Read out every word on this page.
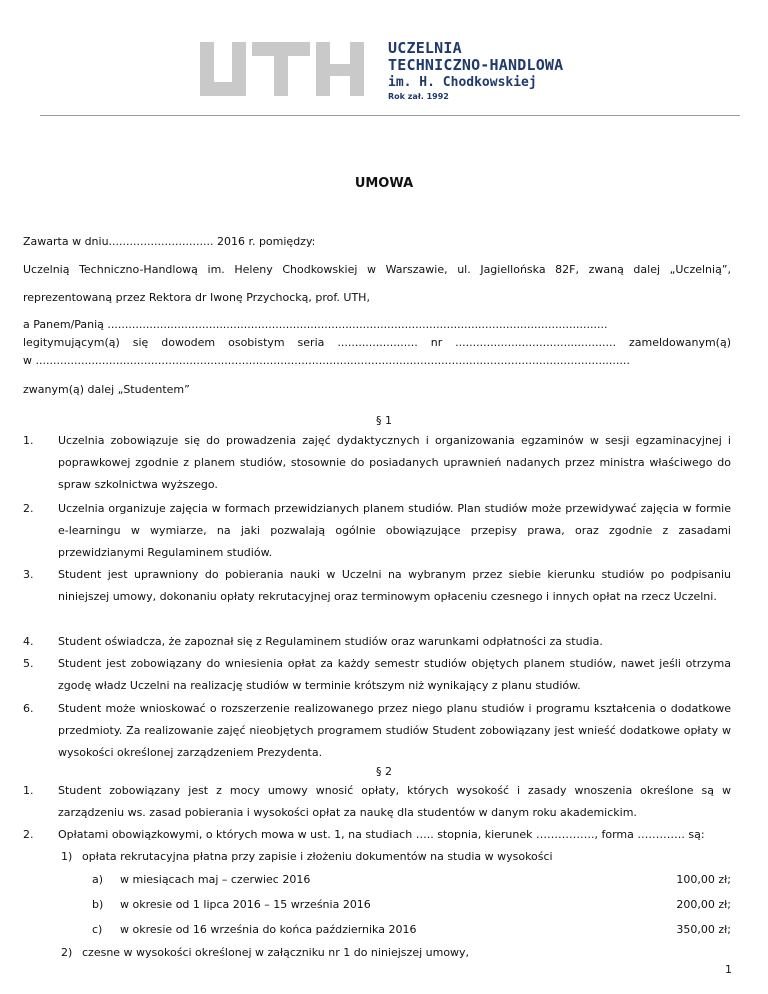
UCZELNIA
TECHNICZNO-HANDLOWA
im. H. Chodkowskiej
Rok zał. 1992
UMOWA
Zawarta w dniu.............................. 2016 r. pomiędzy:
Uczelnią Techniczno-Handlową im. Heleny Chodkowskiej w Warszawie, ul. Jagiellońska 82F, zwaną dalej „Uczelnią”,
reprezentowaną przez Rektora dr Iwonę Przychocką, prof. UTH,
a Panem/Panią ...............................................................................................................................................
legitymującym(ą) się dowodem osobistym seria ....................... nr .............................................. zameldowanym(ą)
w ..........................................................................................................................................................................
zwanym(ą) dalej „Studentem”
§ 1
1. Uczelnia zobowiązuje się do prowadzenia zajęć dydaktycznych i organizowania egzaminów w sesji egzaminacyjnej i poprawkowej zgodnie z planem studiów, stosownie do posiadanych uprawnień nadanych przez ministra właściwego do spraw szkolnictwa wyższego.
2. Uczelnia organizuje zajęcia w formach przewidzianych planem studiów. Plan studiów może przewidywać zajęcia w formie e-learningu w wymiarze, na jaki pozwalają ogólnie obowiązujące przepisy prawa, oraz zgodnie z zasadami przewidzianymi Regulaminem studiów.
3. Student jest uprawniony do pobierania nauki w Uczelni na wybranym przez siebie kierunku studiów po podpisaniu niniejszej umowy, dokonaniu opłaty rekrutacyjnej oraz terminowym opłaceniu czesnego i innych opłat na rzecz Uczelni.
4. Student oświadcza, że zapoznał się z Regulaminem studiów oraz warunkami odpłatności za studia.
5. Student jest zobowiązany do wniesienia opłat za każdy semestr studiów objętych planem studiów, nawet jeśli otrzyma zgodę władz Uczelni na realizację studiów w terminie krótszym niż wynikający z planu studiów.
6. Student może wnioskować o rozszerzenie realizowanego przez niego planu studiów i programu kształcenia o dodatkowe przedmioty. Za realizowanie zajęć nieobjętych programem studiów Student zobowiązany jest wnieść dodatkowe opłaty w wysokości określonej zarządzeniem Prezydenta.
§ 2
1. Student zobowiązany jest z mocy umowy wnosić opłaty, których wysokość i zasady wnoszenia określone są w zarządzeniu ws. zasad pobierania i wysokości opłat za naukę dla studentów w danym roku akademickim.
2. Opłatami obowiązkowymi, o których mowa w ust. 1, na studiach ….. stopnia, kierunek ……………., forma …………. są:
1) opłata rekrutacyjna płatna przy zapisie i złożeniu dokumentów na studia w wysokości
a) w miesiącach maj – czerwiec 2016	100,00 zł;
b) w okresie od 1 lipca 2016 – 15 września 2016	200,00 zł;
c) w okresie od 16 września do końca października 2016	350,00 zł;
2) czesne w wysokości określonej w załączniku nr 1 do niniejszej umowy,
1
